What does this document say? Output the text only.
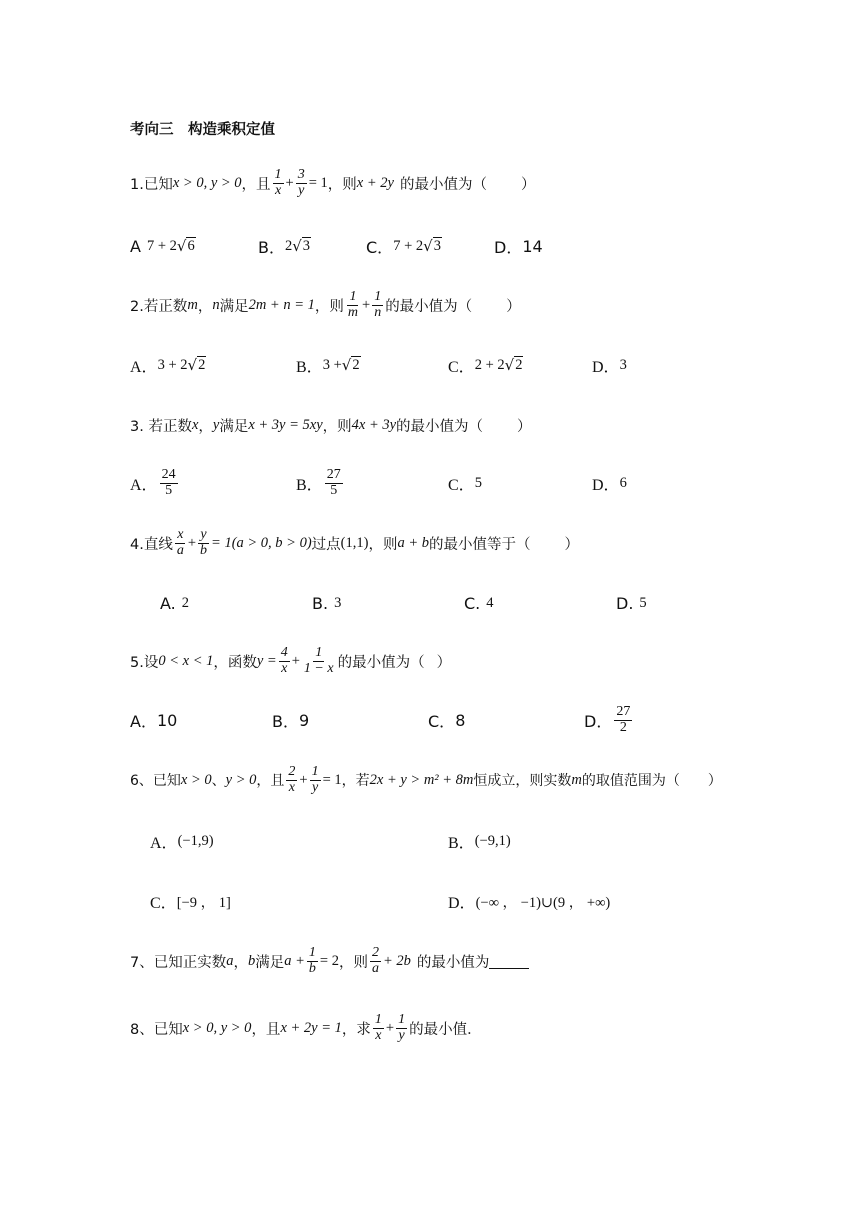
考向三　构造乘积定值
1.已知 x > 0, y > 0 ，且 $\frac{1}{x} + \frac{3}{y} = 1$ ，则 x + 2y 的最小值为（ ）
A 7 + 2 √ 6	B． 2 √ 3	C． 7 + 2 √ 3	D． 14
2.若正数 m ， n 满足 2m + n = 1 ，则 $\frac{1}{m} + \frac{1}{n}$ 的最小值为（ ）
A． 3 + 2 √ 2	B． 3 + √ 2	C． 2 + 2 √ 2	D． 3
3. 若正数 x ， y 满足 x + 3y = 5xy ，则 4x + 3y 的最小值为（ ）
A． $\frac{24}{5}$	B． $\frac{27}{5}$	C． 5	D． 6
4.直线 $\frac{x}{a} + \frac{y}{b} = 1(a > 0$, b > 0) 过点 (1,1) ，则 a + b 的最小值等于（ ）
A. 2	B. 3	C. 4	D. 5
5.设 0 < x < 1 ，函数 $y = \frac{4}{x} + \frac{1}{1 - x}$ 的最小值为（ ）
A． 10	B． 9	C． 8	D． $\frac{27}{2}$
6、已知 x > 0 、 y > 0 ，且 $\frac{2}{x} + \frac{1}{y} = 1$ ，若 2x + y > m² + 8m 恒成立，则实数 m 的取值范围为（ ）
A． (−1,9)	B． (−9,1)
C． [−9 ， 1]	D． (−∞ ， −1)∪(9 ， +∞)
7、已知正实数 a ， b 满足 $a + \frac{1}{b} = 2$ ，则 $\frac{2}{a} + 2b$ 的最小值为
8、已知 x > 0, y > 0 ，且 x + 2y = 1 ，求 $\frac{1}{x} + \frac{1}{y}$ 的最小值．
